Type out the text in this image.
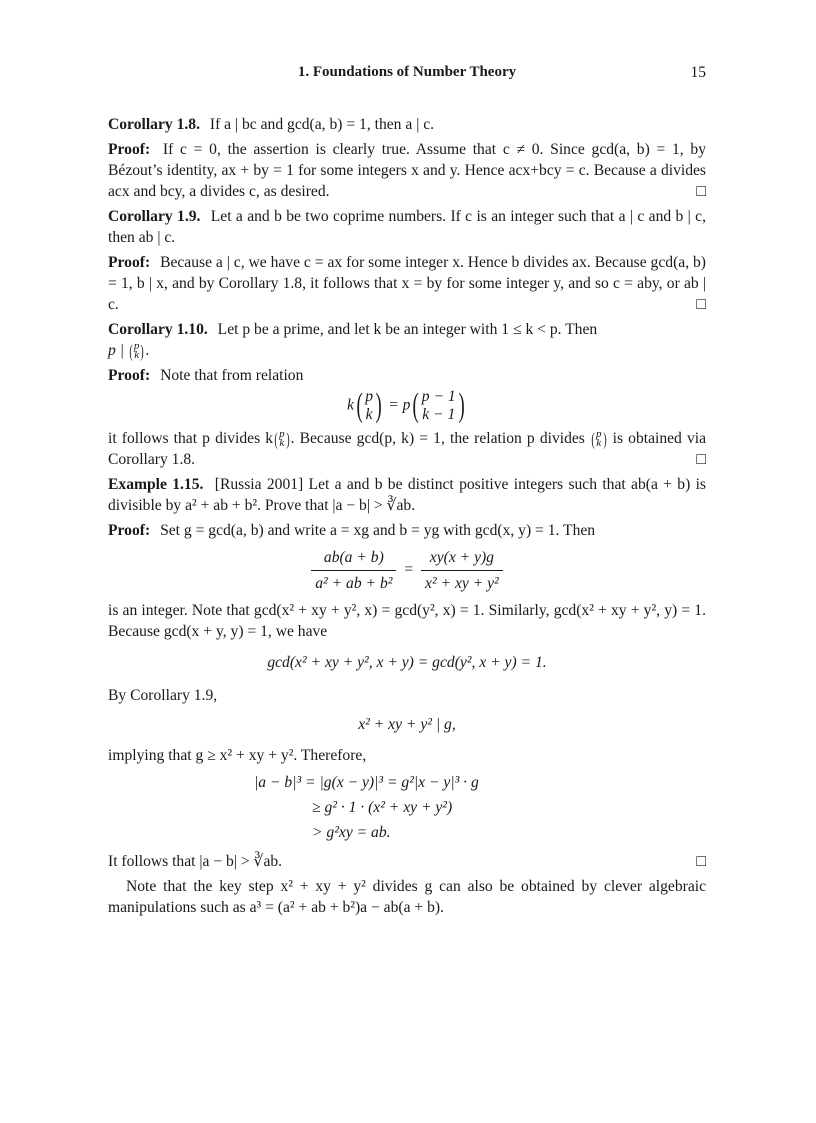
1. Foundations of Number Theory	15

Corollary 1.8. If a | bc and gcd(a, b) = 1, then a | c.

Proof: If c = 0, the assertion is clearly true. Assume that c ≠ 0. Since gcd(a, b) = 1, by Bézout’s identity, ax + by = 1 for some integers x and y. Hence acx+bcy = c. Because a divides acx and bcy, a divides c, as desired.	□

Corollary 1.9. Let a and b be two coprime numbers. If c is an integer such that a | c and b | c, then ab | c.

Proof: Because a | c, we have c = ax for some integer x. Hence b divides ax. Because gcd(a, b) = 1, b | x, and by Corollary 1.8, it follows that x = by for some integer y, and so c = aby, or ab | c.	□

Corollary 1.10. Let p be a prime, and let k be an integer with 1 ≤ k < p. Then

p | ( p
k ).

Proof: Note that from relation

k( p
k ) = p( p − 1
k − 1 )

it follows that p divides k( p
k ). Because gcd(p, k) = 1, the relation p divides ( p
k ) is obtained via Corollary 1.8.	□

Example 1.15. [Russia 2001] Let a and b be distinct positive integers such that ab(a + b) is divisible by a² + ab + b². Prove that |a − b| > ∛ab.

Proof: Set g = gcd(a, b) and write a = xg and b = yg with gcd(x, y) = 1. Then

$\frac{ab(a + b)}{\text{a² + ab + b²}} = \frac{xy(x + y)g}{\text{x² + xy + y²}}$

is an integer. Note that gcd(x² + xy + y², x) = gcd(y², x) = 1. Similarly, gcd(x² + xy + y², y) = 1. Because gcd(x + y, y) = 1, we have

gcd(x² + xy + y², x + y) = gcd(y², x + y) = 1.

By Corollary 1.9,

x² + xy + y² | g,

implying that g ≥ x² + xy + y². Therefore,

|a − b|³ = |g(x − y)|³ = g²|x − y|³ · g
≥ g² · 1 · (x² + xy + y²)
> g²xy = ab.

It follows that |a − b| > ∛ab.	□

Note that the key step x² + xy + y² divides g can also be obtained by clever algebraic manipulations such as a³ = (a² + ab + b²)a − ab(a + b).
